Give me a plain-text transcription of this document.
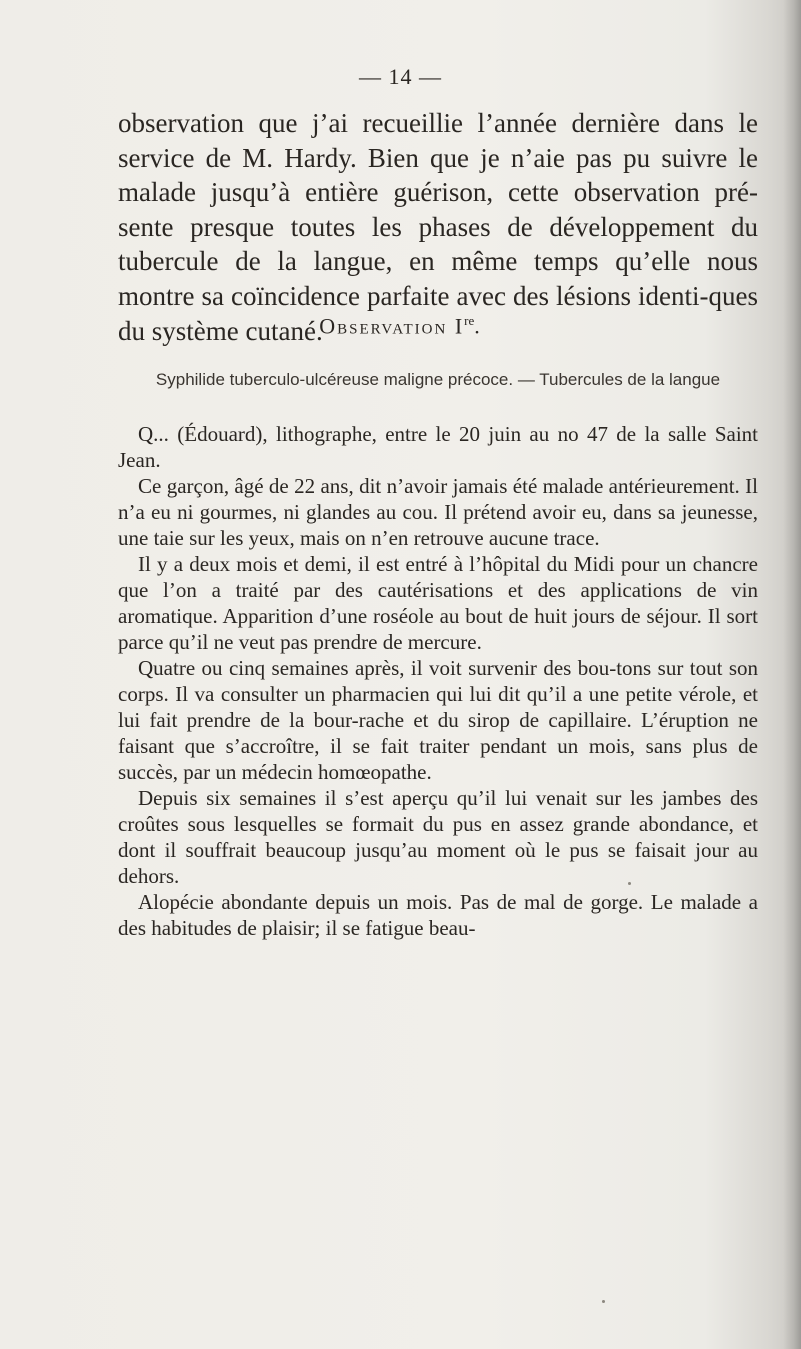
— 14 —

observation que j’ai recueillie l’année dernière dans le service de M. Hardy. Bien que je n’aie pas pu suivre le malade jusqu’à entière guérison, cette observation pré-sente presque toutes les phases de développement du tubercule de la langue, en même temps qu’elle nous montre sa coïncidence parfaite avec des lésions identi-ques du système cutané.

Observation Ire.
Syphilide tuberculo-ulcéreuse maligne précoce. — Tubercules de la langue

Q... (Édouard), lithographe, entre le 20 juin au no 47 de la salle Saint Jean.

Ce garçon, âgé de 22 ans, dit n’avoir jamais été malade antérieurement. Il n’a eu ni gourmes, ni glandes au cou. Il prétend avoir eu, dans sa jeunesse, une taie sur les yeux, mais on n’en retrouve aucune trace.

Il y a deux mois et demi, il est entré à l’hôpital du Midi pour un chancre que l’on a traité par des cautérisations et des applications de vin aromatique. Apparition d’une roséole au bout de huit jours de séjour. Il sort parce qu’il ne veut pas prendre de mercure.

Quatre ou cinq semaines après, il voit survenir des bou-tons sur tout son corps. Il va consulter un pharmacien qui lui dit qu’il a une petite vérole, et lui fait prendre de la bour-rache et du sirop de capillaire. L’éruption ne faisant que s’accroître, il se fait traiter pendant un mois, sans plus de succès, par un médecin homœopathe.

Depuis six semaines il s’est aperçu qu’il lui venait sur les jambes des croûtes sous lesquelles se formait du pus en assez grande abondance, et dont il souffrait beaucoup jusqu’au moment où le pus se faisait jour au dehors.

Alopécie abondante depuis un mois. Pas de mal de gorge. Le malade a des habitudes de plaisir; il se fatigue beau-
